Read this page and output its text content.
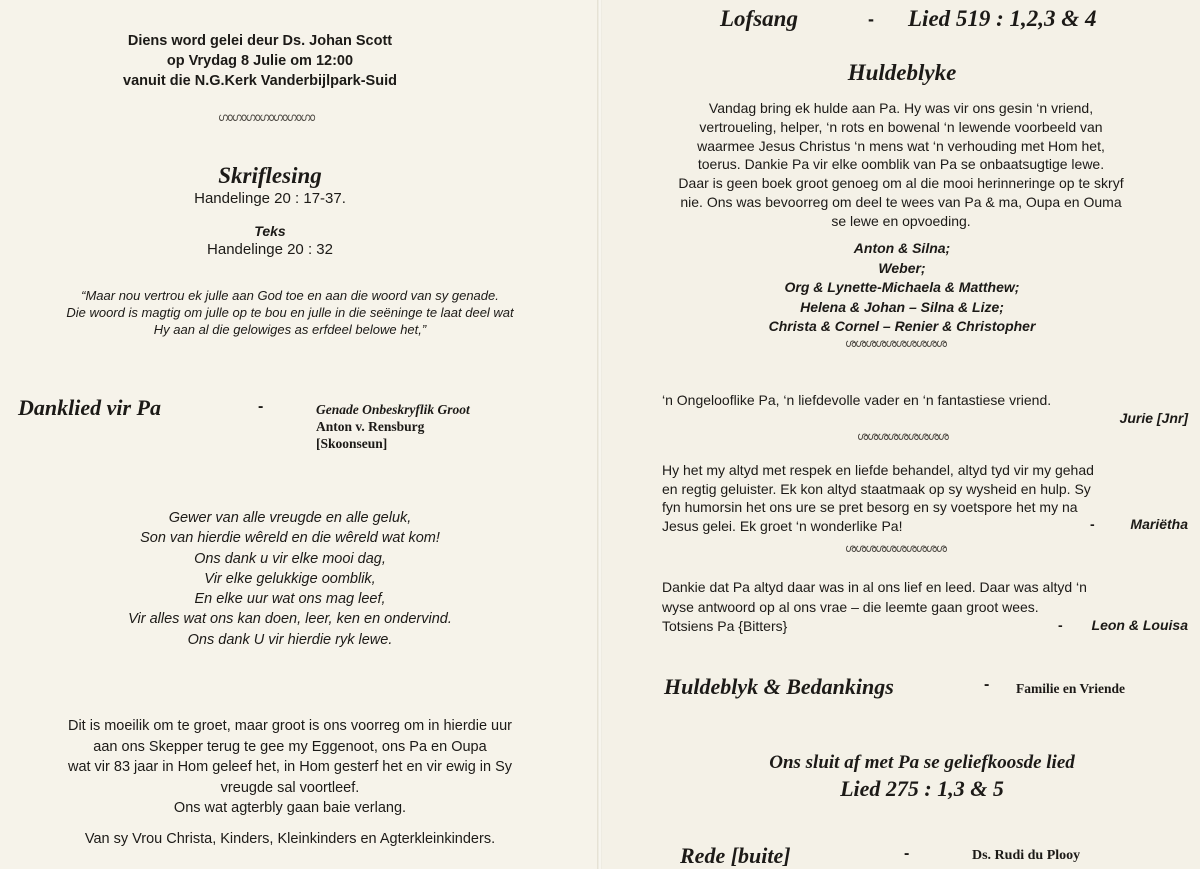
Diens word gelei deur Ds. Johan Scott
op Vrydag 8 Julie om 12:00
vanuit die N.G.Kerk Vanderbijlpark-Suid
ഗ൦ഗ൦ഗ൦ഗ൦ഗ൦ഗ൦ഗ൦
Skriflesing
Handelinge 20 : 17-37.
Teks
Handelinge 20 : 32
“Maar nou vertrou ek julle aan God toe en aan die woord van sy genade.
Die woord is magtig om julle op te bou en julle in die seëninge te laat deel wat
Hy aan al die gelowiges as erfdeel belowe het,”
Danklied vir Pa	-	Genade Onbeskryflik Groot
Anton v. Rensburg
[Skoonseun]
Gewer van alle vreugde en alle geluk,
Son van hierdie wêreld en die wêreld wat kom!
Ons dank u vir elke mooi dag,
Vir elke gelukkige oomblik,
En elke uur wat ons mag leef,
Vir alles wat ons kan doen, leer, ken en ondervind.
Ons dank U vir hierdie ryk lewe.
Dit is moeilik om te groet, maar groot is ons voorreg om in hierdie uur
aan ons Skepper terug te gee my Eggenoot, ons Pa en Oupa
wat vir 83 jaar in Hom geleef het, in Hom gesterf het en vir ewig in Sy
vreugde sal voortleef.
Ons wat agterbly gaan baie verlang.
Van sy Vrou Christa, Kinders, Kleinkinders en Agterkleinkinders.
Lofsang	- Lied 519 : 1,2,3 & 4
Huldeblyke
Vandag bring ek hulde aan Pa. Hy was vir ons gesin ‘n vriend,
vertroueling, helper, ‘n rots en bowenal ‘n lewende voorbeeld van
waarmee Jesus Christus ‘n mens wat ‘n verhouding met Hom het,
toerus. Dankie Pa vir elke oomblik van Pa se onbaatsugtige lewe.
Daar is geen boek groot genoeg om al die mooi herinneringe op te skryf
nie. Ons was bevoorreg om deel te wees van Pa & ma, Oupa en Ouma
se lewe en opvoeding.
Anton & Silna;
Weber;
Org & Lynette-Michaela & Matthew;
Helena & Johan – Silna & Lize;
Christa & Cornel – Renier & Christopher
ശശശശശശശശശശ
‘n Ongelooflike Pa, ‘n liefdevolle vader en ‘n fantastiese vriend.
Jurie [Jnr]
ശശശശശശശശശ
Hy het my altyd met respek en liefde behandel, altyd tyd vir my gehad
en regtig geluister. Ek kon altyd staatmaak op sy wysheid en hulp. Sy
fyn humorsin het ons ure se pret besorg en sy voetspore het my na
Jesus gelei. Ek groet ‘n wonderlike Pa!	-	Mariëtha
ശശശശശശശശശശ
Dankie dat Pa altyd daar was in al ons lief en leed. Daar was altyd ‘n
wyse antwoord op al ons vrae – die leemte gaan groot wees.
Totsiens Pa {Bitters}	- Leon & Louisa
Huldeblyk & Bedankings	- Familie en Vriende
Ons sluit af met Pa se geliefkoosde lied
Lied 275 : 1,3 & 5
Rede [buite]	-	Ds. Rudi du Plooy
